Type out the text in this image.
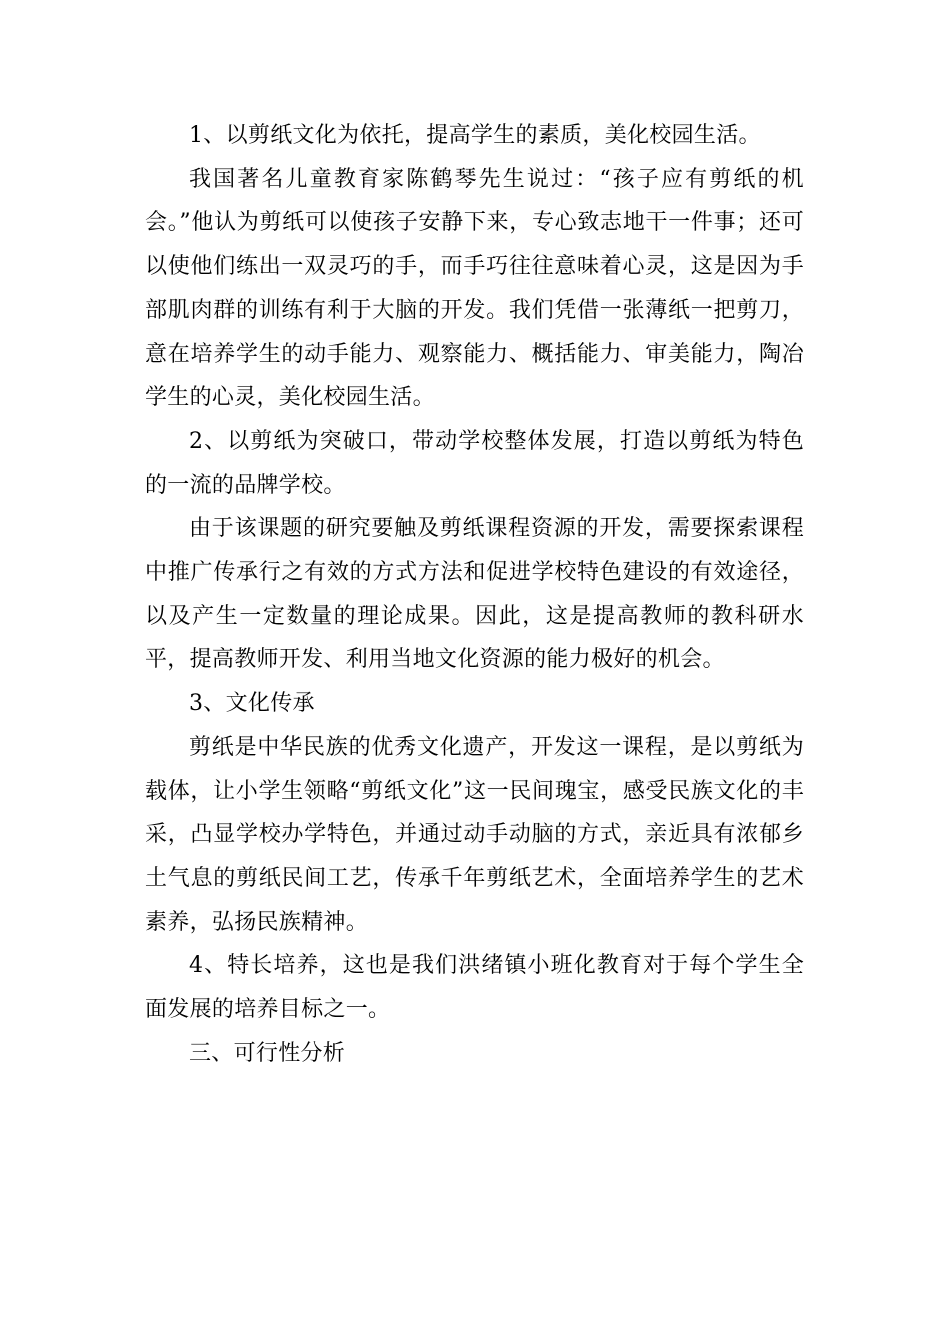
1、以剪纸文化为依托，提高学生的素质，美化校园生活。

我国著名儿童教育家陈鹤琴先生说过：“孩子应有剪纸的机会。”他认为剪纸可以使孩子安静下来，专心致志地干一件事；还可以使他们练出一双灵巧的手，而手巧往往意味着心灵，这是因为手部肌肉群的训练有利于大脑的开发。我们凭借一张薄纸一把剪刀，意在培养学生的动手能力、观察能力、概括能力、审美能力，陶冶学生的心灵，美化校园生活。

2、以剪纸为突破口，带动学校整体发展，打造以剪纸为特色的一流的品牌学校。

由于该课题的研究要触及剪纸课程资源的开发，需要探索课程中推广传承行之有效的方式方法和促进学校特色建设的有效途径，以及产生一定数量的理论成果。因此，这是提高教师的教科研水平，提高教师开发、利用当地文化资源的能力极好的机会。

3、文化传承

剪纸是中华民族的优秀文化遗产，开发这一课程，是以剪纸为载体，让小学生领略“剪纸文化”这一民间瑰宝，感受民族文化的丰采，凸显学校办学特色，并通过动手动脑的方式，亲近具有浓郁乡土气息的剪纸民间工艺，传承千年剪纸艺术，全面培养学生的艺术素养，弘扬民族精神。

4、特长培养，这也是我们洪绪镇小班化教育对于每个学生全面发展的培养目标之一。

三、可行性分析
